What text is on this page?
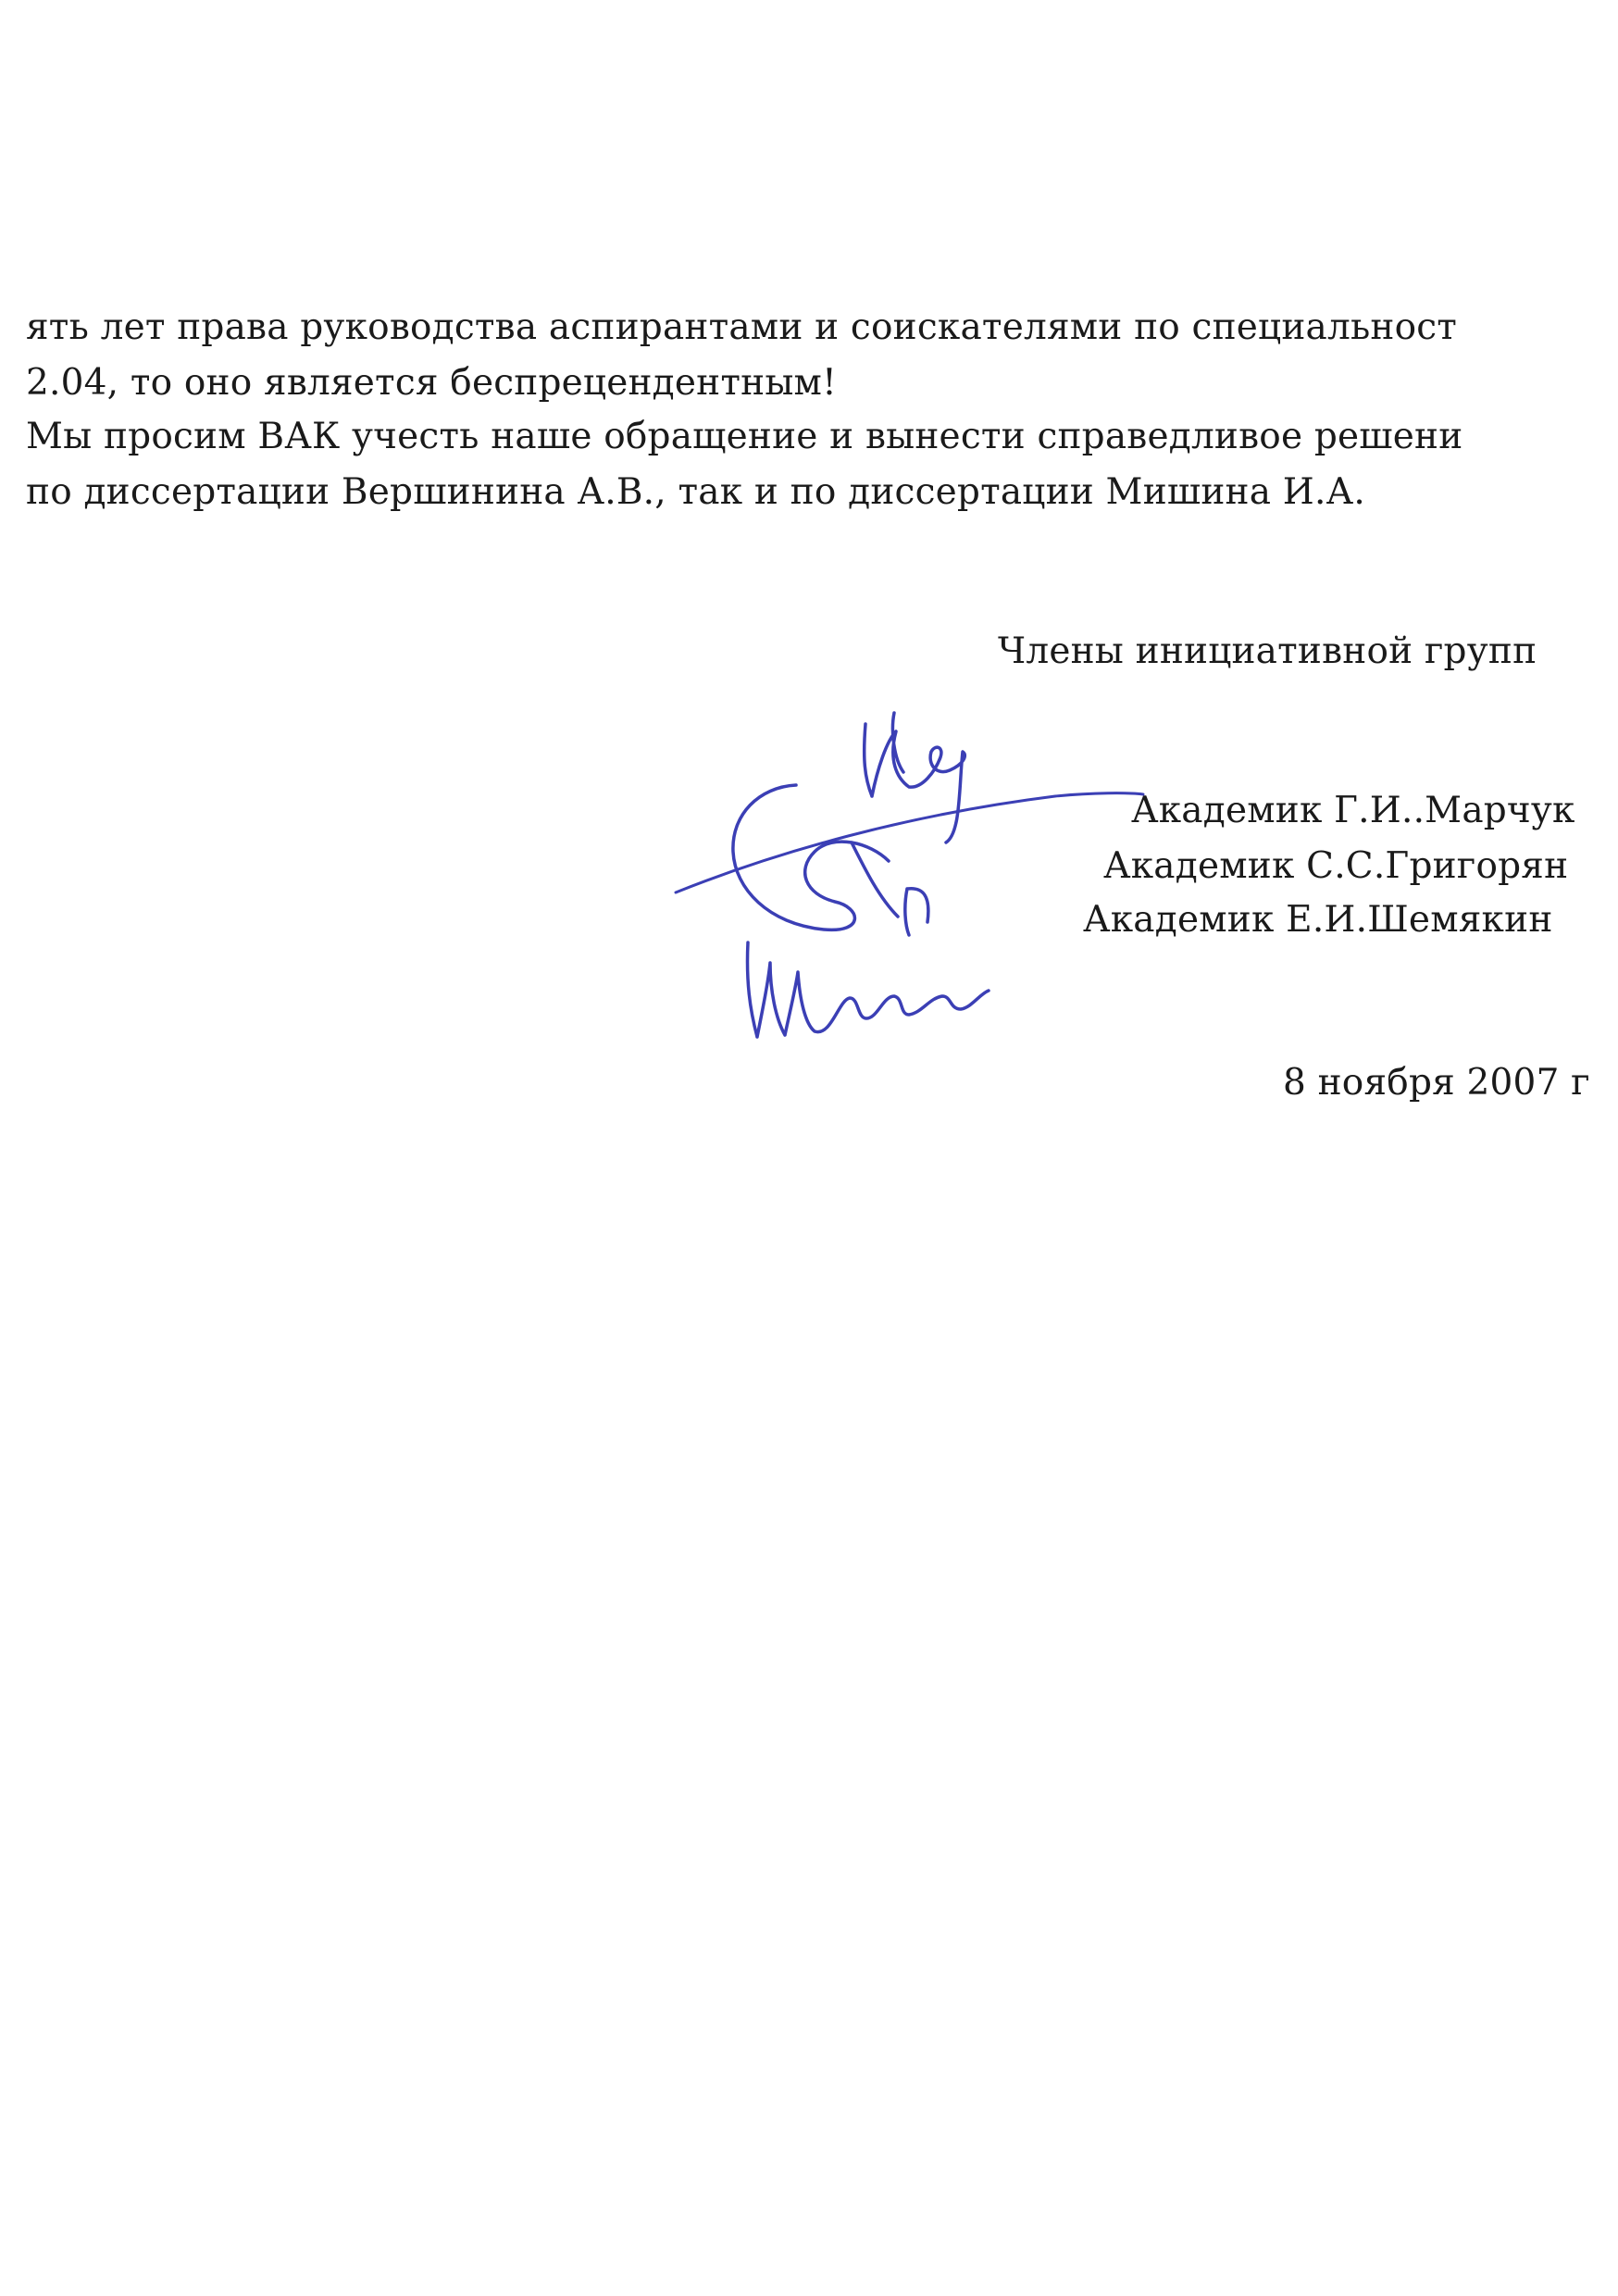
ять лет права руководства аспирантами и соискателями по специальност
2.04, то оно является беспрецендентным!
Мы просим ВАК учесть наше обращение и вынести справедливое решени
по диссертации Вершинина А.В., так и по диссертации Мишина И.А.
Члены инициативной групп
Академик Г.И..Марчук
Академик С.С.Григорян
Академик Е.И.Шемякин
8 ноября 2007 г
